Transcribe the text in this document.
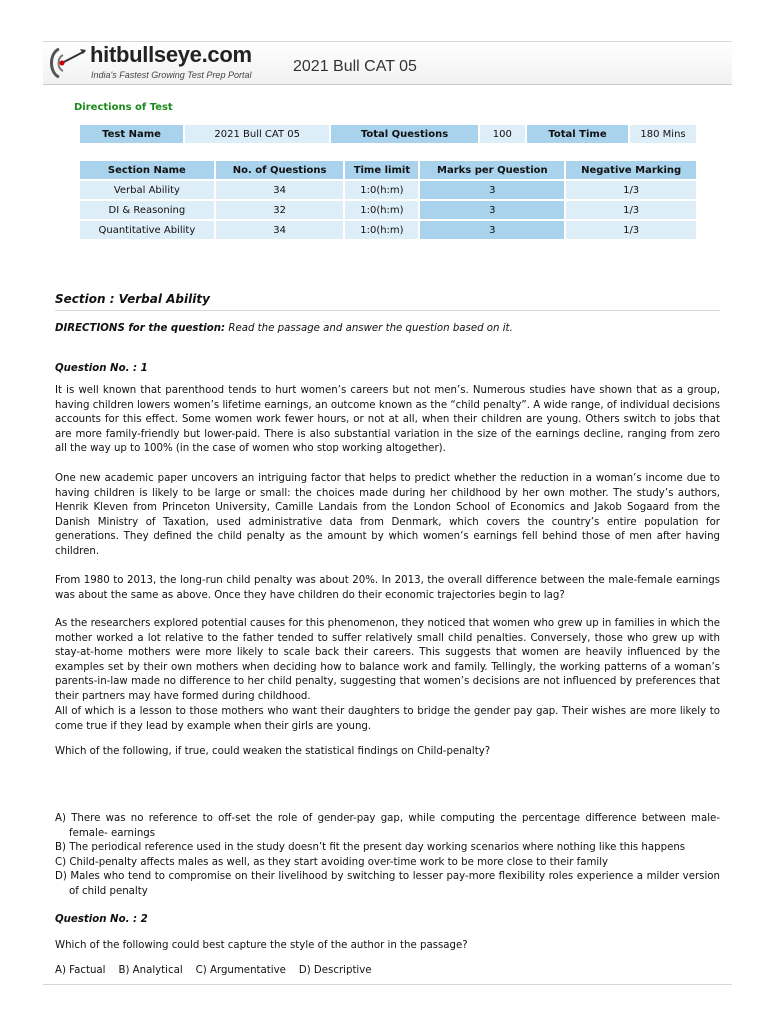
hitbullseye.com
India's Fastest Growing Test Prep Portal	2021 Bull CAT 05
Directions of Test
Test Name	2021 Bull CAT 05	Total Questions	100	Total Time	180 Mins
Section Name	No. of Questions	Time limit	Marks per Question	Negative Marking
Verbal Ability	34	1:0(h:m)	3	1/3
DI & Reasoning	32	1:0(h:m)	3	1/3
Quantitative Ability	34	1:0(h:m)	3	1/3
Section : Verbal Ability

DIRECTIONS for the question: Read the passage and answer the question based on it.

Question No. : 1

It is well known that parenthood tends to hurt women’s careers but not men’s. Numerous studies have shown that as a group, having children lowers women’s lifetime earnings, an outcome known as the “child penalty”. A wide range, of individual decisions accounts for this effect. Some women work fewer hours, or not at all, when their children are young. Others switch to jobs that are more family-friendly but lower-paid. There is also substantial variation in the size of the earnings decline, ranging from zero all the way up to 100% (in the case of women who stop working altogether).

One new academic paper uncovers an intriguing factor that helps to predict whether the reduction in a woman’s income due to having children is likely to be large or small: the choices made during her childhood by her own mother. The study’s authors, Henrik Kleven from Princeton University, Camille Landais from the London School of Economics and Jakob Sogaard from the Danish Ministry of Taxation, used administrative data from Denmark, which covers the country’s entire population for generations. They defined the child penalty as the amount by which women’s earnings fell behind those of men after having children.

From 1980 to 2013, the long-run child penalty was about 20%. In 2013, the overall difference between the male-female earnings was about the same as above. Once they have children do their economic trajectories begin to lag?

As the researchers explored potential causes for this phenomenon, they noticed that women who grew up in families in which the mother worked a lot relative to the father tended to suffer relatively small child penalties. Conversely, those who grew up with stay-at-home mothers were more likely to scale back their careers. This suggests that women are heavily influenced by the examples set by their own mothers when deciding how to balance work and family. Tellingly, the working patterns of a woman’s parents-in-law made no difference to her child penalty, suggesting that women’s decisions are not influenced by preferences that their partners may have formed during childhood.

All of which is a lesson to those mothers who want their daughters to bridge the gender pay gap. Their wishes are more likely to come true if they lead by example when their girls are young.

Which of the following, if true, could weaken the statistical findings on Child-penalty?

A) There was no reference to off-set the role of gender-pay gap, while computing the percentage difference between male-female- earnings

B) The periodical reference used in the study doesn’t fit the present day working scenarios where nothing like this happens

C) Child-penalty affects males as well, as they start avoiding over-time work to be more close to their family

D) Males who tend to compromise on their livelihood by switching to lesser pay-more flexibility roles experience a milder version of child penalty

Question No. : 2

Which of the following could best capture the style of the author in the passage?

A) Factual B) Analytical C) Argumentative D) Descriptive
